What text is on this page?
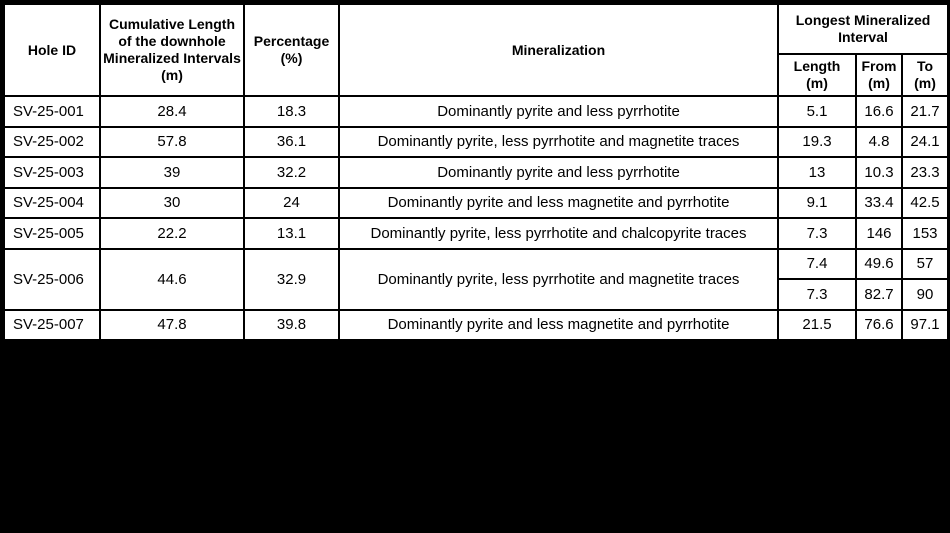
Hole ID	Cumulative Length of the downhole Mineralized Intervals (m)	Percentage (%)	Mineralization	Longest Mineralized Interval		
				Length (m)	From (m)	To (m)
SV-25-001	28.4	18.3	Dominantly pyrite and less pyrrhotite	5.1	16.6	21.7
SV-25-002	57.8	36.1	Dominantly pyrite, less pyrrhotite and magnetite traces	19.3	4.8	24.1
SV-25-003	39	32.2	Dominantly pyrite and less pyrrhotite	13	10.3	23.3
SV-25-004	30	24	Dominantly pyrite and less magnetite and pyrrhotite	9.1	33.4	42.5
SV-25-005	22.2	13.1	Dominantly pyrite, less pyrrhotite and chalcopyrite traces	7.3	146	153
SV-25-006	44.6	32.9	Dominantly pyrite, less pyrrhotite and magnetite traces	7.4	49.6	57
				7.3	82.7	90
SV-25-007	47.8	39.8	Dominantly pyrite and less magnetite and pyrrhotite	21.5	76.6	97.1
